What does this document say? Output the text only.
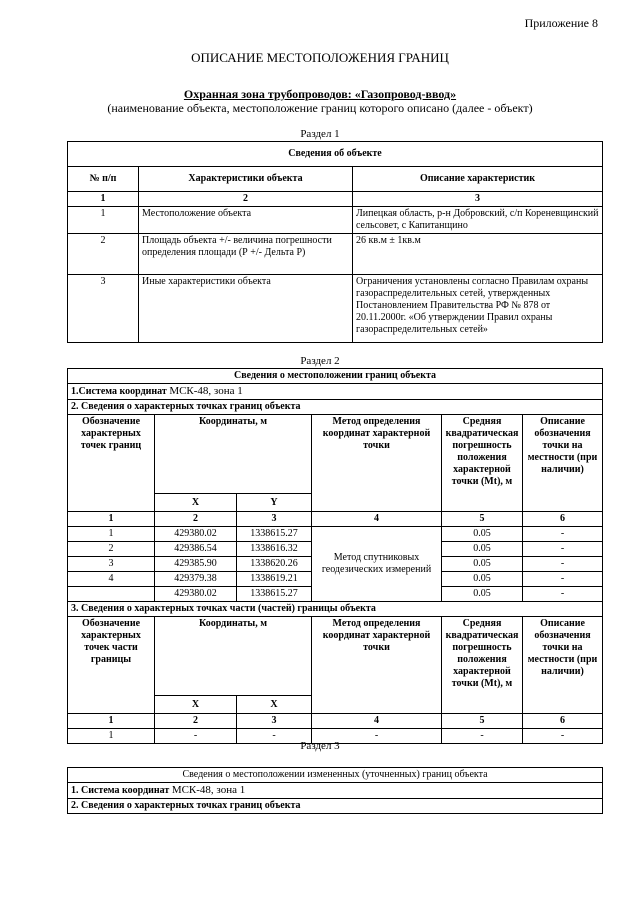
Приложение 8
ОПИСАНИЕ МЕСТОПОЛОЖЕНИЯ ГРАНИЦ
Охранная зона трубопроводов: «Газопровод-ввод»
(наименование объекта, местоположение границ которого описано (далее - объект)
Раздел 1
Сведения об объекте		
№ п/п	Характеристики объекта	Описание характеристик
1	2	3
1	Местоположение объекта	Липецкая область, р-н Добровский, с/п Кореневщинский сельсовет, с Капитанщино
2	Площадь объекта +/- величина погрешности определения площади (Р +/- Дельта Р)	26 кв.м ± 1кв.м
3	Иные характеристики объекта	Ограничения установлены согласно Правилам охраны газораспределительных сетей, утвержденных Постановлением Правительства РФ № 878 от 20.11.2000г. «Об утверждении Правил охраны газораспределительных сетей»
Раздел 2
Сведения о местоположении границ объекта					
1.Система координат МСК-48, зона 1					
2. Сведения о характерных точках границ объекта					
Обозначение характерных точек границ	Координаты, м		Метод определения координат характерной точки	Средняя квадратическая погрешность положения характерной точки (Mt), м	Описание обозначения точки на местности (при наличии)
	X	Y			
1	2	3	4	5	6
1	429380.02	1338615.27	Метод спутниковых геодезических измерений	0.05	-
2	429386.54	1338616.32		0.05	-
3	429385.90	1338620.26		0.05	-
4	429379.38	1338619.21		0.05	-
	429380.02	1338615.27		0.05	-
3. Сведения о характерных точках части (частей) границы объекта					
Обозначение характерных точек части границы	Координаты, м		Метод определения координат характерной точки	Средняя квадратическая погрешность положения характерной точки (Mt), м	Описание обозначения точки на местности (при наличии)
	X	X			
1	2	3	4	5	6
1	-	-	-	-	-
Раздел 3
Сведения о местоположении измененных (уточненных) границ объекта
1. Система координат МСК-48, зона 1
2. Сведения о характерных точках границ объекта
